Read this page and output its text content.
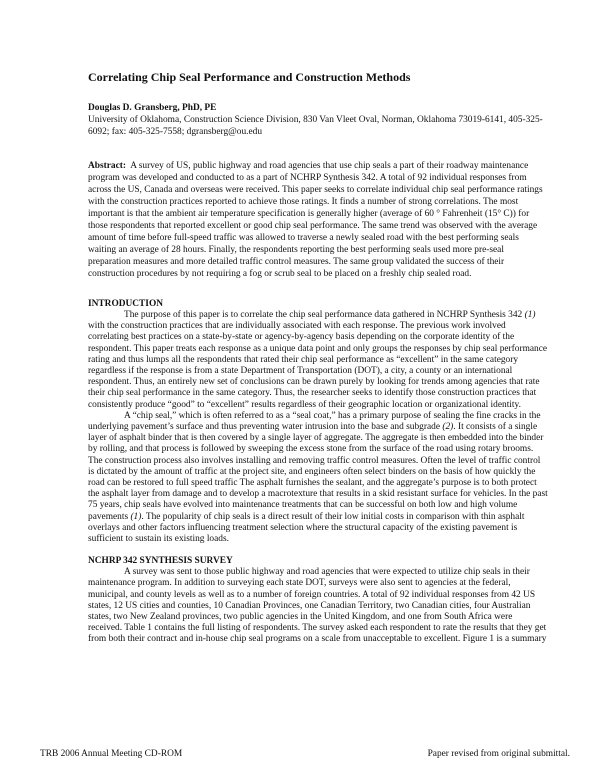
Correlating Chip Seal Performance and Construction Methods
Douglas D. Gransberg, PhD, PE
University of Oklahoma, Construction Science Division, 830 Van Vleet Oval, Norman, Oklahoma 73019-6141, 405-325-6092; fax: 405-325-7558; dgransberg@ou.edu
Abstract: A survey of US, public highway and road agencies that use chip seals a part of their roadway maintenance program was developed and conducted to as a part of NCHRP Synthesis 342. A total of 92 individual responses from across the US, Canada and overseas were received. This paper seeks to correlate individual chip seal performance ratings with the construction practices reported to achieve those ratings. It finds a number of strong correlations. The most important is that the ambient air temperature specification is generally higher (average of 60 ° Fahrenheit (15° C)) for those respondents that reported excellent or good chip seal performance. The same trend was observed with the average amount of time before full-speed traffic was allowed to traverse a newly sealed road with the best performing seals waiting an average of 28 hours. Finally, the respondents reporting the best performing seals used more pre-seal preparation measures and more detailed traffic control measures. The same group validated the success of their construction procedures by not requiring a fog or scrub seal to be placed on a freshly chip sealed road.
INTRODUCTION

The purpose of this paper is to correlate the chip seal performance data gathered in NCHRP Synthesis 342 (1) with the construction practices that are individually associated with each response. The previous work involved correlating best practices on a state-by-state or agency-by-agency basis depending on the corporate identity of the respondent. This paper treats each response as a unique data point and only groups the responses by chip seal performance rating and thus lumps all the respondents that rated their chip seal performance as “excellent” in the same category regardless if the response is from a state Department of Transportation (DOT), a city, a county or an international respondent. Thus, an entirely new set of conclusions can be drawn purely by looking for trends among agencies that rate their chip seal performance in the same category. Thus, the researcher seeks to identify those construction practices that consistently produce “good” to “excellent” results regardless of their geographic location or organizational identity.

A “chip seal,” which is often referred to as a “seal coat,” has a primary purpose of sealing the fine cracks in the underlying pavement’s surface and thus preventing water intrusion into the base and subgrade (2). It consists of a single layer of asphalt binder that is then covered by a single layer of aggregate. The aggregate is then embedded into the binder by rolling, and that process is followed by sweeping the excess stone from the surface of the road using rotary brooms. The construction process also involves installing and removing traffic control measures. Often the level of traffic control is dictated by the amount of traffic at the project site, and engineers often select binders on the basis of how quickly the road can be restored to full speed traffic The asphalt furnishes the sealant, and the aggregate’s purpose is to both protect the asphalt layer from damage and to develop a macrotexture that results in a skid resistant surface for vehicles. In the past 75 years, chip seals have evolved into maintenance treatments that can be successful on both low and high volume pavements (1). The popularity of chip seals is a direct result of their low initial costs in comparison with thin asphalt overlays and other factors influencing treatment selection where the structural capacity of the existing pavement is sufficient to sustain its existing loads.

NCHRP 342 SYNTHESIS SURVEY

A survey was sent to those public highway and road agencies that were expected to utilize chip seals in their maintenance program. In addition to surveying each state DOT, surveys were also sent to agencies at the federal, municipal, and county levels as well as to a number of foreign countries. A total of 92 individual responses from 42 US states, 12 US cities and counties, 10 Canadian Provinces, one Canadian Territory, two Canadian cities, four Australian states, two New Zealand provinces, two public agencies in the United Kingdom, and one from South Africa were received. Table 1 contains the full listing of respondents. The survey asked each respondent to rate the results that they get from both their contract and in-house chip seal programs on a scale from unacceptable to excellent. Figure 1 is a summary

TRB 2006 Annual Meeting CD-ROM	Paper revised from original submittal.
